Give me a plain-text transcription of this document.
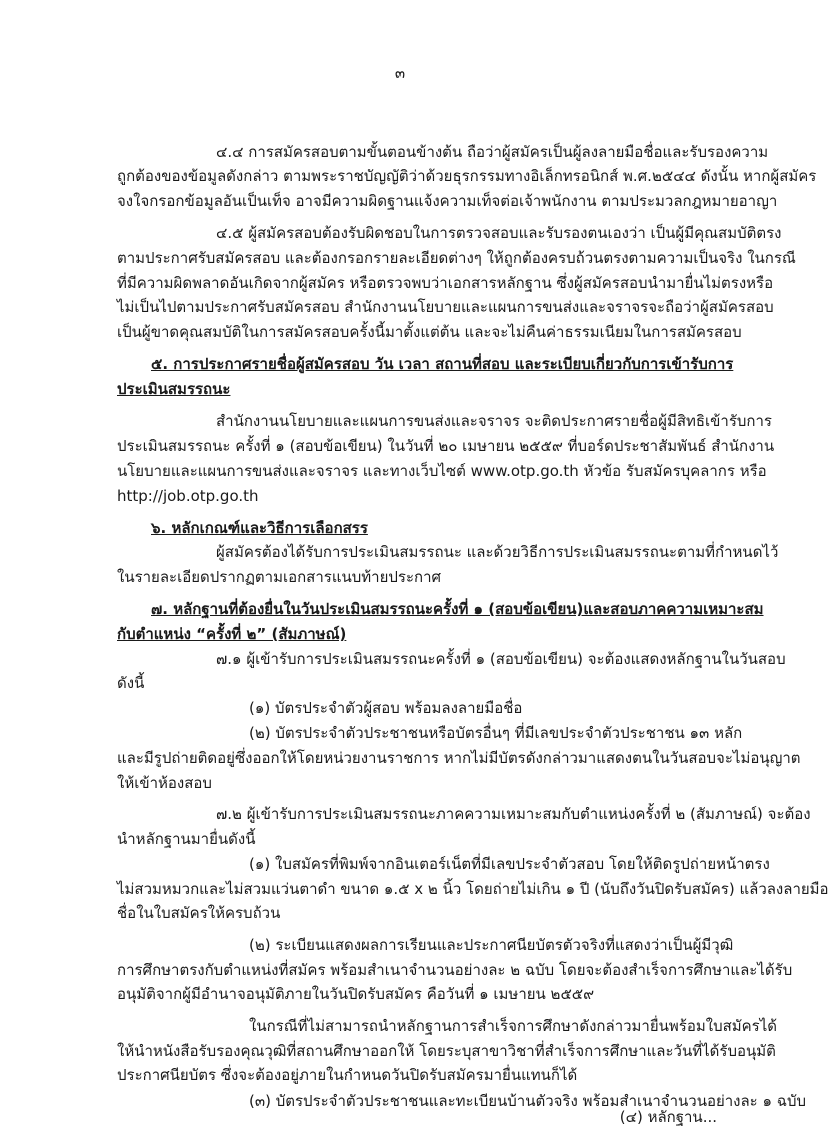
๓
๔.๔ การสมัครสอบตามขั้นตอนข้างต้น ถือว่าผู้สมัครเป็นผู้ลงลายมือชื่อและรับรองความ
ถูกต้องของข้อมูลดังกล่าว ตามพระราชบัญญัติว่าด้วยธุรกรรมทางอิเล็กทรอนิกส์ พ.ศ.๒๕๔๔ ดังนั้น หากผู้สมัคร
จงใจกรอกข้อมูลอันเป็นเท็จ อาจมีความผิดฐานแจ้งความเท็จต่อเจ้าพนักงาน ตามประมวลกฎหมายอาญา
๔.๕ ผู้สมัครสอบต้องรับผิดชอบในการตรวจสอบและรับรองตนเองว่า เป็นผู้มีคุณสมบัติตรง
ตามประกาศรับสมัครสอบ และต้องกรอกรายละเอียดต่างๆ ให้ถูกต้องครบถ้วนตรงตามความเป็นจริง ในกรณี
ที่มีความผิดพลาดอันเกิดจากผู้สมัคร หรือตรวจพบว่าเอกสารหลักฐาน ซึ่งผู้สมัครสอบนำมายื่นไม่ตรงหรือ
ไม่เป็นไปตามประกาศรับสมัครสอบ สำนักงานนโยบายและแผนการขนส่งและจราจรจะถือว่าผู้สมัครสอบ
เป็นผู้ขาดคุณสมบัติในการสมัครสอบครั้งนี้มาตั้งแต่ต้น และจะไม่คืนค่าธรรมเนียมในการสมัครสอบ
๕. การประกาศรายชื่อผู้สมัครสอบ วัน เวลา สถานที่สอบ และระเบียบเกี่ยวกับการเข้ารับการ
ประเมินสมรรถนะ
สำนักงานนโยบายและแผนการขนส่งและจราจร จะติดประกาศรายชื่อผู้มีสิทธิเข้ารับการ
ประเมินสมรรถนะ ครั้งที่ ๑ (สอบข้อเขียน) ในวันที่ ๒๐ เมษายน ๒๕๕๙ ที่บอร์ดประชาสัมพันธ์ สำนักงาน
นโยบายและแผนการขนส่งและจราจร และทางเว็บไซต์ www.otp.go.th หัวข้อ รับสมัครบุคลากร หรือ
http://job.otp.go.th
๖. หลักเกณฑ์และวิธีการเลือกสรร
ผู้สมัครต้องได้รับการประเมินสมรรถนะ และด้วยวิธีการประเมินสมรรถนะตามที่กำหนดไว้
ในรายละเอียดปรากฏตามเอกสารแนบท้ายประกาศ
๗. หลักฐานที่ต้องยื่นในวันประเมินสมรรถนะครั้งที่ ๑ (สอบข้อเขียน)และสอบภาคความเหมาะสม
กับตำแหน่ง “ครั้งที่ ๒” (สัมภาษณ์)
๗.๑ ผู้เข้ารับการประเมินสมรรถนะครั้งที่ ๑ (สอบข้อเขียน) จะต้องแสดงหลักฐานในวันสอบ
ดังนี้
(๑) บัตรประจำตัวผู้สอบ พร้อมลงลายมือชื่อ
(๒) บัตรประจำตัวประชาชนหรือบัตรอื่นๆ ที่มีเลขประจำตัวประชาชน ๑๓ หลัก
และมีรูปถ่ายติดอยู่ซึ่งออกให้โดยหน่วยงานราชการ หากไม่มีบัตรดังกล่าวมาแสดงตนในวันสอบจะไม่อนุญาต
ให้เข้าห้องสอบ
๗.๒ ผู้เข้ารับการประเมินสมรรถนะภาคความเหมาะสมกับตำแหน่งครั้งที่ ๒ (สัมภาษณ์) จะต้อง
นำหลักฐานมายื่นดังนี้
(๑) ใบสมัครที่พิมพ์จากอินเตอร์เน็ตที่มีเลขประจำตัวสอบ โดยให้ติดรูปถ่ายหน้าตรง
ไม่สวมหมวกและไม่สวมแว่นตาดำ ขนาด ๑.๕ x ๒ นิ้ว โดยถ่ายไม่เกิน ๑ ปี (นับถึงวันปิดรับสมัคร) แล้วลงลายมือ
ชื่อในใบสมัครให้ครบถ้วน
(๒) ระเบียนแสดงผลการเรียนและประกาศนียบัตรตัวจริงที่แสดงว่าเป็นผู้มีวุฒิ
การศึกษาตรงกับตำแหน่งที่สมัคร พร้อมสำเนาจำนวนอย่างละ ๒ ฉบับ โดยจะต้องสำเร็จการศึกษาและได้รับ
อนุมัติจากผู้มีอำนาจอนุมัติภายในวันปิดรับสมัคร คือวันที่ ๑ เมษายน ๒๕๕๙
ในกรณีที่ไม่สามารถนำหลักฐานการสำเร็จการศึกษาดังกล่าวมายื่นพร้อมใบสมัครได้
ให้นำหนังสือรับรองคุณวุฒิที่สถานศึกษาออกให้ โดยระบุสาขาวิชาที่สำเร็จการศึกษาและวันที่ได้รับอนุมัติ
ประกาศนียบัตร ซึ่งจะต้องอยู่ภายในกำหนดวันปิดรับสมัครมายื่นแทนก็ได้
(๓) บัตรประจำตัวประชาชนและทะเบียนบ้านตัวจริง พร้อมสำเนาจำนวนอย่างละ ๑ ฉบับ
(๔) หลักฐาน...
